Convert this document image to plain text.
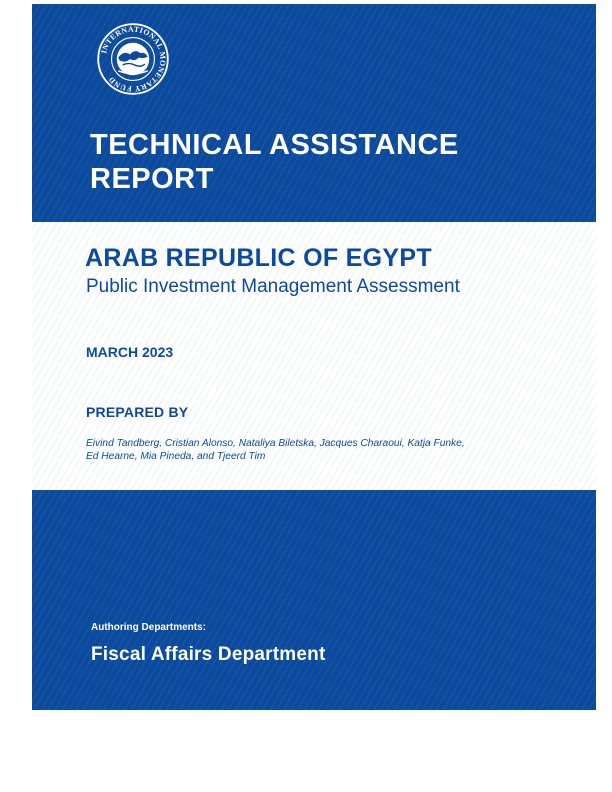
INTERNATIONAL MONETARY FUND
TECHNICAL ASSISTANCE
REPORT
ARAB REPUBLIC OF EGYPT
Public Investment Management Assessment
MARCH 2023
PREPARED BY
Eivind Tandberg, Cristian Alonso, Nataliya Biletska, Jacques Charaoui, Katja Funke,
Ed Hearne, Mia Pineda, and Tjeerd Tim
Authoring Departments:
Fiscal Affairs Department
